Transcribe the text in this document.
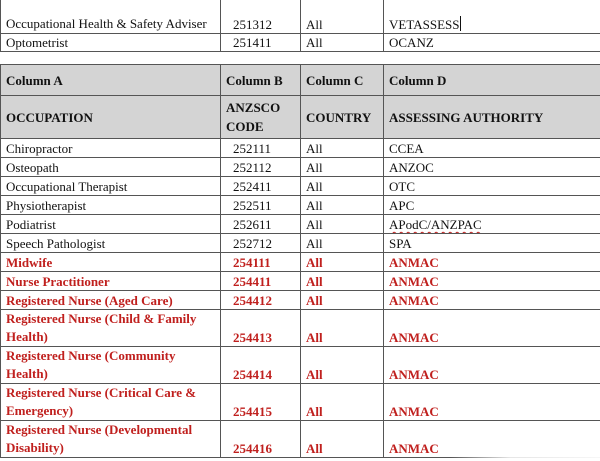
Occupational Health & Safety Adviser	251312	All	VETASSESS
Optometrist	251411	All	OCANZ
Column A	Column B	Column C	Column D
OCCUPATION	ANZSCO CODE	COUNTRY	ASSESSING AUTHORITY
Chiropractor	252111	All	CCEA
Osteopath	252112	All	ANZOC
Occupational Therapist	252411	All	OTC
Physiotherapist	252511	All	APC
Podiatrist	252611	All	APodC/ANZPAC
Speech Pathologist	252712	All	SPA
Midwife	254111	All	ANMAC
Nurse Practitioner	254411	All	ANMAC
Registered Nurse (Aged Care)	254412	All	ANMAC
Registered Nurse (Child & Family Health)	254413	All	ANMAC
Registered Nurse (Community Health)	254414	All	ANMAC
Registered Nurse (Critical Care & Emergency)	254415	All	ANMAC
Registered Nurse (Developmental Disability)	254416	All	ANMAC
